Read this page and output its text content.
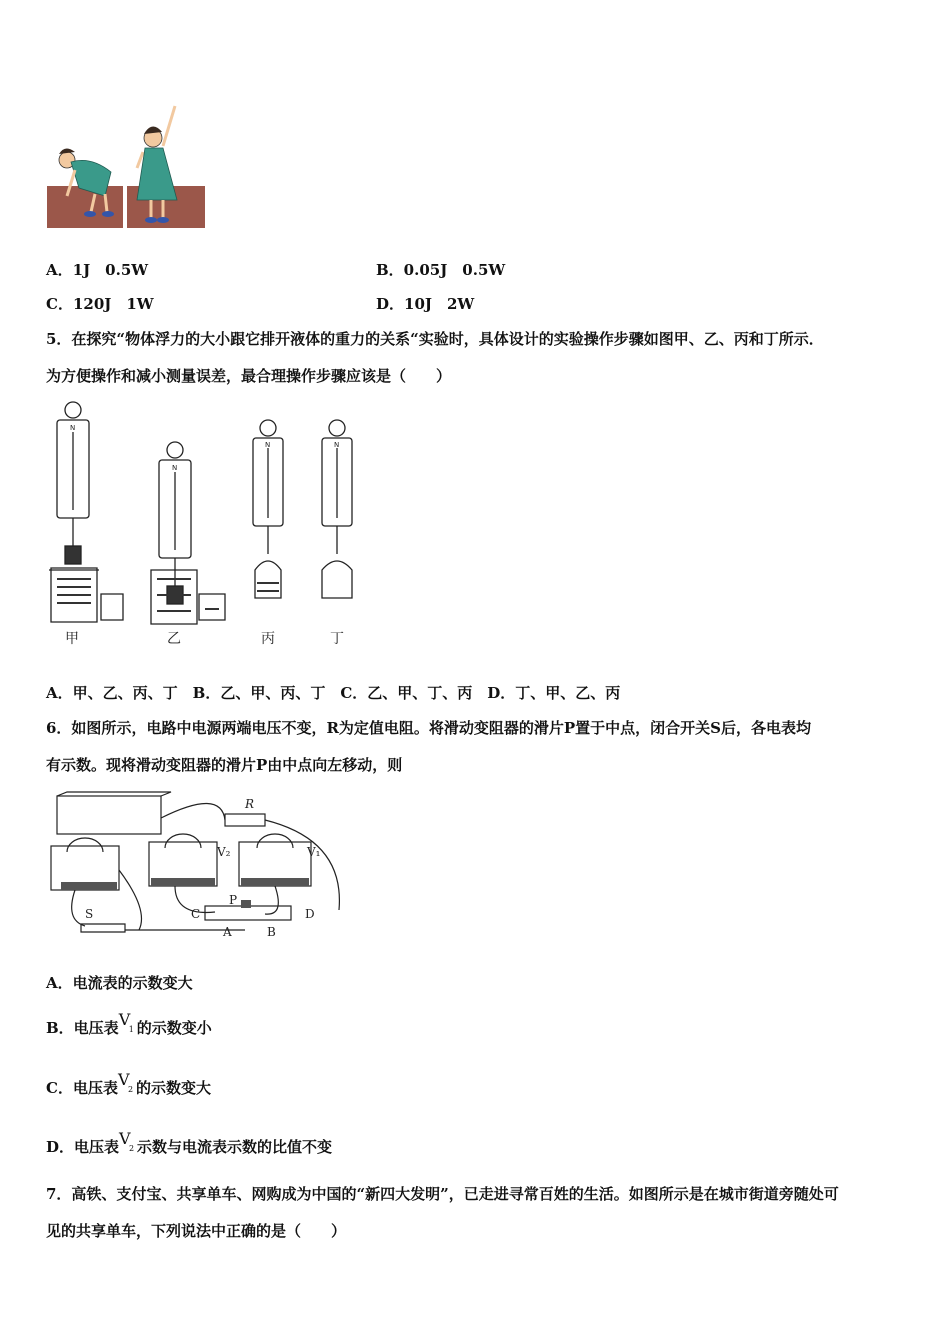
A．1J　0.5W	B．0.05J　0.5W
C．120J　1W	D．10J　2W
5．在探究“物体浮力的大小跟它排开液体的重力的关系“实验时，具体设计的实验操作步骤如图甲、乙、丙和丁所示．
为方便操作和减小测量误差，最合理操作步骤应该是（　　）
N
N
N	N
甲	乙	丙	丁
A．甲、乙、丙、丁　B．乙、甲、丙、丁　C．乙、甲、丁、丙　D．丁、甲、乙、丙
6．如图所示，电路中电源两端电压不变，R为定值电阻。将滑动变阻器的滑片P置于中点，闭合开关S后，各电表均
有示数。现将滑动变阻器的滑片P由中点向左移动，则
R
V₂	V₁
S	C
P
D
A	B
A．电流表的示数变大
B．电压表V
1 的示数变小
C．电压表V
2 的示数变大
D．电压表V
2 示数与电流表示数的比值不变
7．高铁、支付宝、共享单车、网购成为中国的“新四大发明”，已走进寻常百姓的生活。如图所示是在城市街道旁随处可
见的共享单车，下列说法中正确的是（　　）
